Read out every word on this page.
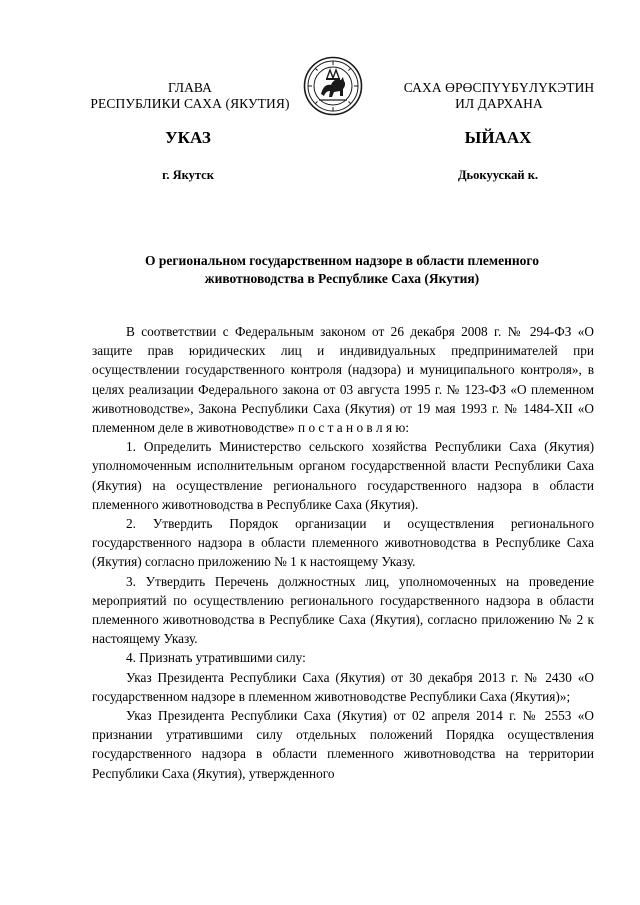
ГЛАВА
РЕСПУБЛИКИ САХА (ЯКУТИЯ)
САХА ӨРӨСПҮҮБҮЛҮКЭТИН
ИЛ ДАРХАНА
УКАЗ	ЫЙААХ
г. Якутск	Дьокуускай к.
О региональном государственном надзоре в области племенного
животноводства в Республике Саха (Якутия)

В соответствии с Федеральным законом от 26 декабря 2008 г. № 294-ФЗ «О защите прав юридических лиц и индивидуальных предпринимателей при осуществлении государственного контроля (надзора) и муниципального контроля», в целях реализации Федерального закона от 03 августа 1995 г. № 123-ФЗ «О племенном животноводстве», Закона Республики Саха (Якутия) от 19 мая 1993 г. № 1484-XII «О племенном деле в животноводстве» п о с т а н о в л я ю:

1. Определить Министерство сельского хозяйства Республики Саха (Якутия) уполномоченным исполнительным органом государственной власти Республики Саха (Якутия) на осуществление регионального государственного надзора в области племенного животноводства в Республике Саха (Якутия).

2. Утвердить Порядок организации и осуществления регионального государственного надзора в области племенного животноводства в Республике Саха (Якутия) согласно приложению № 1 к настоящему Указу.

3. Утвердить Перечень должностных лиц, уполномоченных на проведение мероприятий по осуществлению регионального государственного надзора в области племенного животноводства в Республике Саха (Якутия), согласно приложению № 2 к настоящему Указу.

4. Признать утратившими силу:

Указ Президента Республики Саха (Якутия) от 30 декабря 2013 г. № 2430 «О государственном надзоре в племенном животноводстве Республики Саха (Якутия)»;

Указ Президента Республики Саха (Якутия) от 02 апреля 2014 г. № 2553 «О признании утратившими силу отдельных положений Порядка осуществления государственного надзора в области племенного животноводства на территории Республики Саха (Якутия), утвержденного
